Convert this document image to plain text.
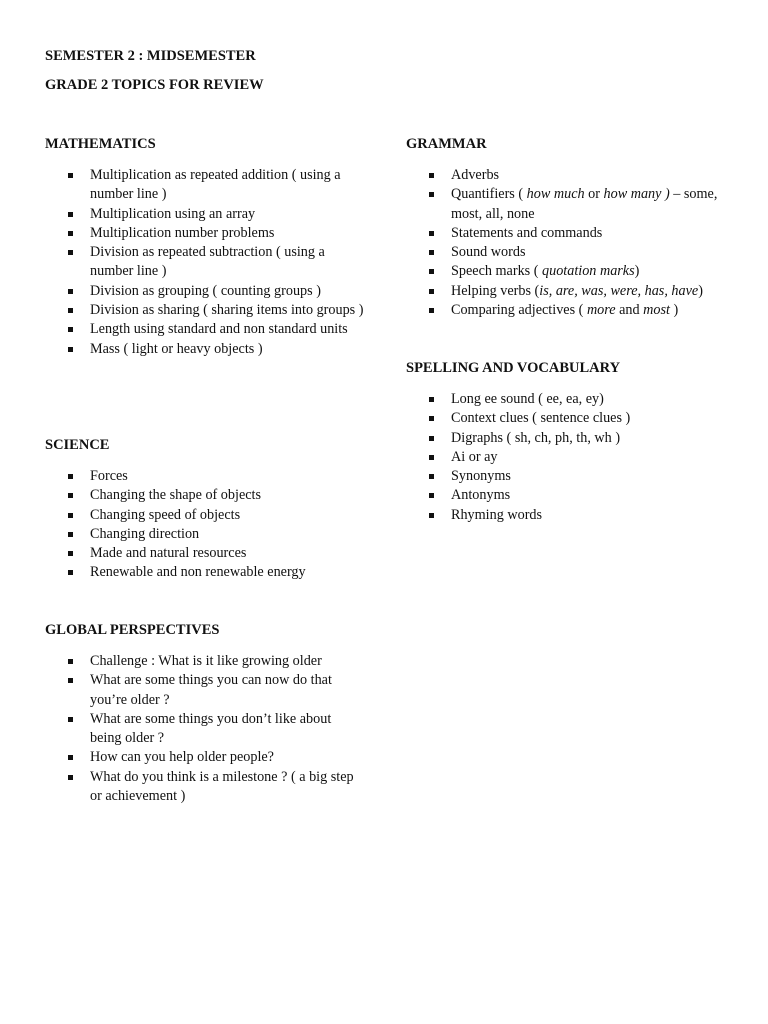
SEMESTER 2 : MIDSEMESTER
GRADE 2 TOPICS FOR REVIEW
MATHEMATICS
Multiplication as repeated addition ( using a number line )
Multiplication using an array
Multiplication number problems
Division as repeated subtraction ( using a number line )
Division as grouping ( counting groups )
Division as sharing ( sharing items into groups )
Length using standard and non standard units
Mass ( light or heavy objects )
SCIENCE
Forces
Changing the shape of objects
Changing speed of objects
Changing direction
Made and natural resources
Renewable and non renewable energy
GLOBAL PERSPECTIVES
Challenge : What is it like growing older
What are some things you can now do that you’re older ?
What are some things you don’t like about being older ?
How can you help older people?
What do you think is a milestone ? ( a big step or achievement )
GRAMMAR
Adverbs
Quantifiers ( how much or how many ) – some, most, all, none
Statements and commands
Sound words
Speech marks ( quotation marks)
Helping verbs (is, are, was, were, has, have)
Comparing adjectives ( more and most )
SPELLING AND VOCABULARY
Long ee sound ( ee, ea, ey)
Context clues ( sentence clues )
Digraphs ( sh, ch, ph, th, wh )
Ai or ay
Synonyms
Antonyms
Rhyming words
